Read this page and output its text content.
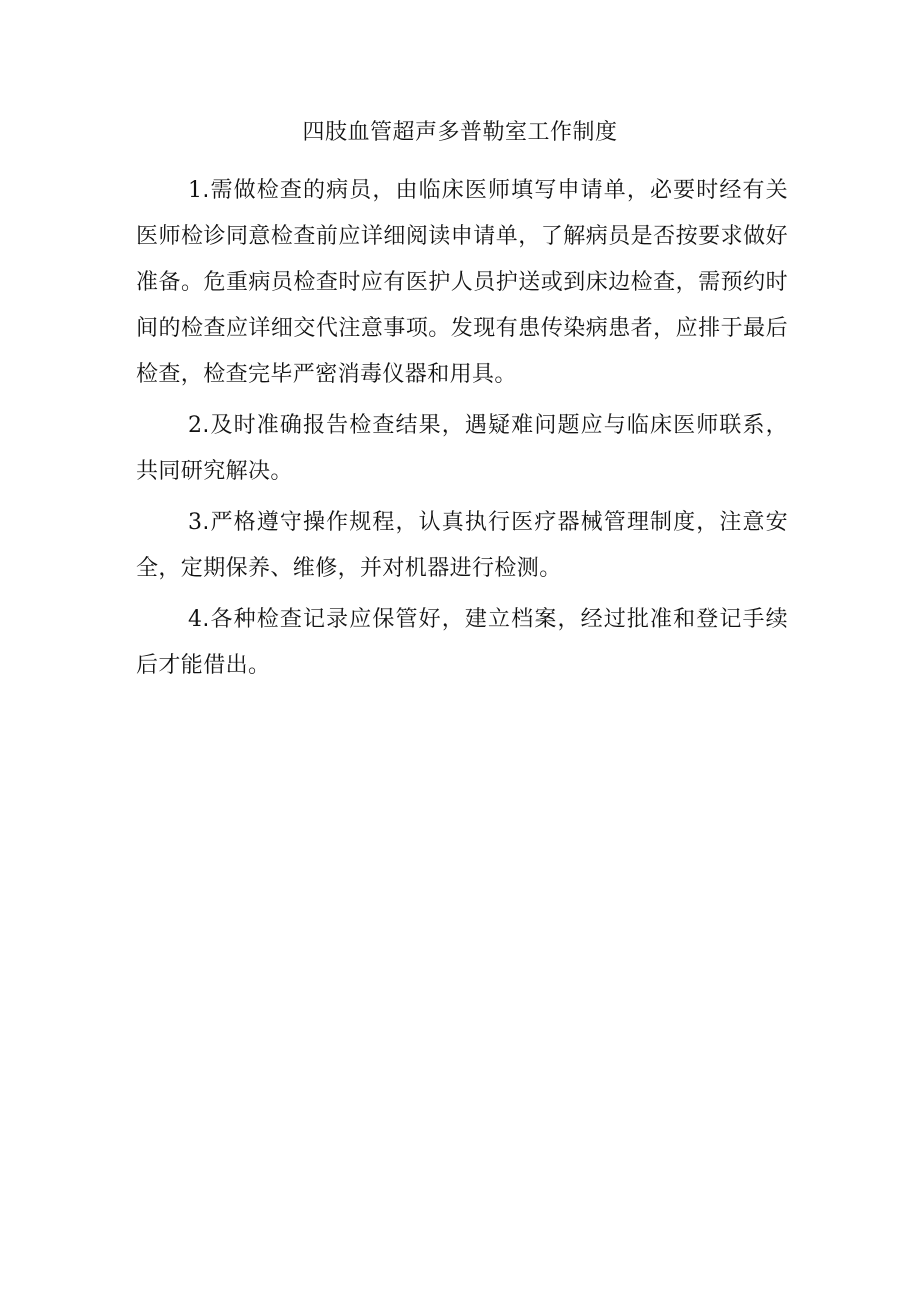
四肢血管超声多普勒室工作制度

1.需做检查的病员，由临床医师填写申请单，必要时经有关医师检诊同意检查前应详细阅读申请单，了解病员是否按要求做好准备。危重病员检查时应有医护人员护送或到床边检查，需预约时间的检查应详细交代注意事项。发现有患传染病患者，应排于最后检查，检查完毕严密消毒仪器和用具。

2.及时准确报告检查结果，遇疑难问题应与临床医师联系，共同研究解决。

3.严格遵守操作规程，认真执行医疗器械管理制度，注意安全，定期保养、维修，并对机器进行检测。

4.各种检查记录应保管好，建立档案，经过批准和登记手续后才能借出。
